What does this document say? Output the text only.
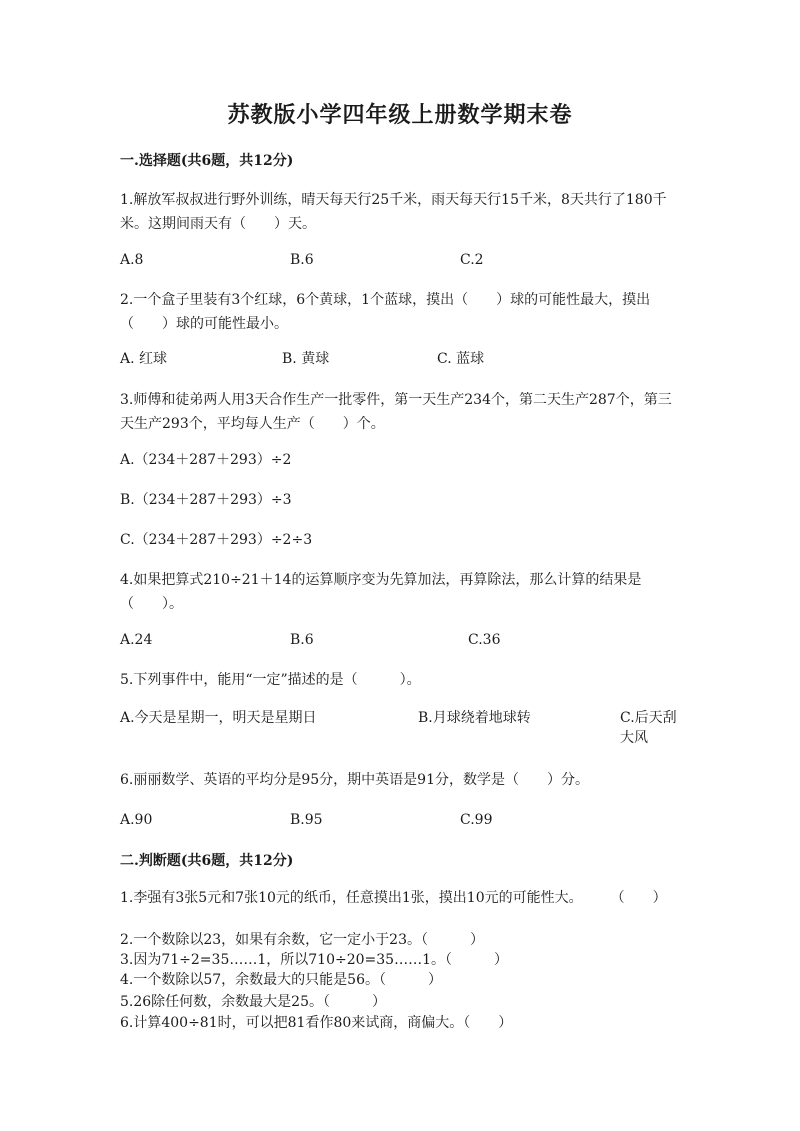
苏教版小学四年级上册数学期末卷
一.选择题(共6题，共12分)
1.解放军叔叔进行野外训练，晴天每天行25千米，雨天每天行15千米，8天共行了180千米。这期间雨天有（　　）天。
A.8	B.6	C.2
2.一个盒子里装有3个红球，6个黄球，1个蓝球，摸出（　　）球的可能性最大，摸出（　　）球的可能性最小。
A. 红球	B. 黄球	C. 蓝球
3.师傅和徒弟两人用3天合作生产一批零件，第一天生产234个，第二天生产287个，第三天生产293个，平均每人生产（　　）个。
A.（234＋287＋293）÷2
B.（234＋287＋293）÷3
C.（234＋287＋293）÷2÷3
4.如果把算式210÷21＋14的运算顺序变为先算加法，再算除法，那么计算的结果是（　　）。
A.24	B.6	C.36
5.下列事件中，能用“一定”描述的是（　　　）。
A.今天是星期一，明天是星期日	B.月球绕着地球转	C.后天刮大风
6.丽丽数学、英语的平均分是95分，期中英语是91分，数学是（　　）分。
A.90	B.95	C.99
二.判断题(共6题，共12分)
1.李强有3张5元和7张10元的纸币，任意摸出1张，摸出10元的可能性大。　　　（　　）
2.一个数除以23，如果有余数，它一定小于23。（　　　）
3.因为71÷2=35……1，所以710÷20=35……1。（　　　）
4.一个数除以57，余数最大的只能是56。（　　　）
5.26除任何数，余数最大是25。（　　　）
6.计算400÷81时，可以把81看作80来试商，商偏大。（　　）
